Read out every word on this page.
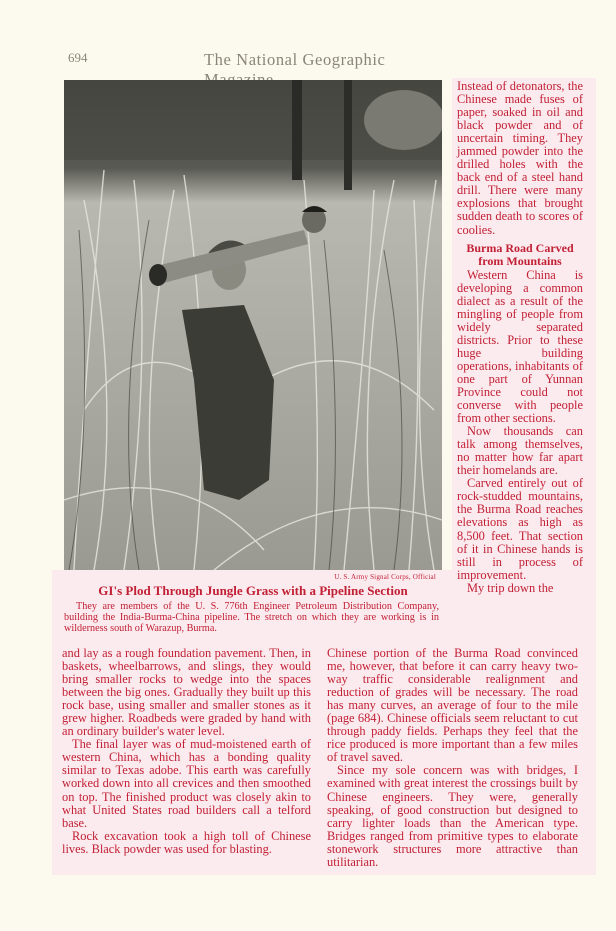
694	The National Geographic
U. S. Army Signal Corps, Official
GI's Plod Through Jungle Grass with a Pipeline Section
They are members of the U. S. 776th Engineer Petroleum Distribution Company, building the India-Burma-China pipeline. The stretch on which they are working is in wilderness south of Warazup, Burma.

Instead of detonators, the Chinese made fuses of paper, soaked in oil and black powder and of uncertain timing. They jammed powder into the drilled holes with the back end of a steel hand drill. There were many explosions that brought sudden death to scores of coolies.

Burma Road Carved
from Mountains

Western China is developing a common dialect as a result of the mingling of people from widely separated districts. Prior to these huge building operations, inhabitants of one part of Yunnan Province could not converse with people from other sections.

Now thousands can talk among themselves, no matter how far apart their homelands are.

Carved entirely out of rock-studded mountains, the Burma Road reaches elevations as high as 8,500 feet. That section of it in Chinese hands is still in process of improvement.

My trip down the

and lay as a rough foundation pavement. Then, in baskets, wheelbarrows, and slings, they would bring smaller rocks to wedge into the spaces between the big ones. Gradually they built up this rock base, using smaller and smaller stones as it grew higher. Roadbeds were graded by hand with an ordinary builder's water level.

The final layer was of mud-moistened earth of western China, which has a bonding quality similar to Texas adobe. This earth was carefully worked down into all crevices and then smoothed on top. The finished product was closely akin to what United States road builders call a telford base.

Rock excavation took a high toll of Chinese lives. Black powder was used for blasting.

Chinese portion of the Burma Road convinced me, however, that before it can carry heavy two-way traffic considerable realignment and reduction of grades will be necessary. The road has many curves, an average of four to the mile (page 684). Chinese officials seem reluctant to cut through paddy fields. Perhaps they feel that the rice produced is more important than a few miles of travel saved.

Since my sole concern was with bridges, I examined with great interest the crossings built by Chinese engineers. They were, generally speaking, of good construction but designed to carry lighter loads than the American type. Bridges ranged from primitive types to elaborate stonework structures more attractive than utilitarian.
